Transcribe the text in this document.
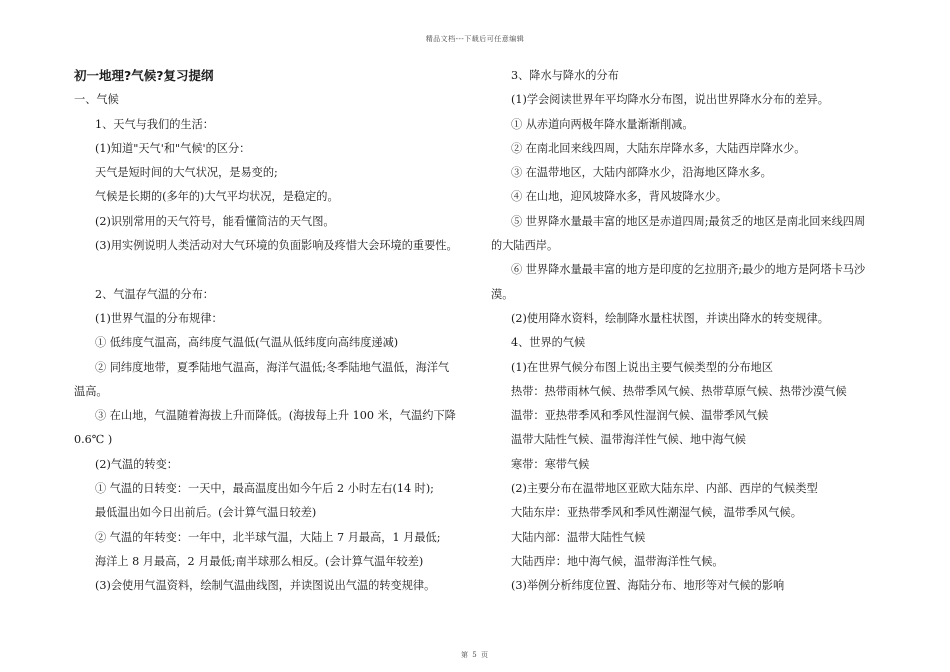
精品文档---下载后可任意编辑
初一地理?气候?复习提纲
一、气候
1、天气与我们的生活：
(1)知道"天气'和"气候'的区分：
天气是短时间的大气状况，是易变的;
气候是长期的(多年的)大气平均状况，是稳定的。
(2)识别常用的天气符号，能看懂简洁的天气图。
(3)用实例说明人类活动对大气环境的负面影响及疼惜大会环境的重要性。
2、气温存气温的分布：
(1)世界气温的分布规律：
① 低纬度气温高，高纬度气温低(气温从低纬度向高纬度递减)
② 同纬度地带，夏季陆地气温高，海洋气温低;冬季陆地气温低，海洋气
温高。
③ 在山地，气温随着海拔上升而降低。(海拔每上升 100 米，气温约下降
0.6℃ )
(2)气温的转变：
① 气温的日转变：一天中，最高温度出如今午后 2 小时左右(14 时);
最低温出如今日出前后。(会计算气温日较差)
② 气温的年转变：一年中，北半球气温，大陆上 7 月最高，1 月最低;
海洋上 8 月最高，2 月最低;南半球那么相反。(会计算气温年较差)
(3)会使用气温资料，绘制气温曲线图，并读图说出气温的转变规律。
3、降水与降水的分布
(1)学会阅读世界年平均降水分布图，说出世界降水分布的差异。
① 从赤道向两极年降水量渐渐削减。
② 在南北回来线四周，大陆东岸降水多，大陆西岸降水少。
③ 在温带地区，大陆内部降水少，沿海地区降水多。
④ 在山地，迎风坡降水多，背风坡降水少。
⑤ 世界降水量最丰富的地区是赤道四周;最贫乏的地区是南北回来线四周
的大陆西岸。
⑥ 世界降水量最丰富的地方是印度的乞拉朋齐;最少的地方是阿塔卡马沙
漠。
(2)使用降水资料，绘制降水量柱状图，并读出降水的转变规律。
4、世界的气候
(1)在世界气候分布图上说出主要气候类型的分布地区
热带：热带雨林气候、热带季风气候、热带草原气候、热带沙漠气候
温带：亚热带季风和季风性湿润气候、温带季风气候
温带大陆性气候、温带海洋性气候、地中海气候
寒带：寒带气候
(2)主要分布在温带地区亚欧大陆东岸、内部、西岸的气候类型
大陆东岸：亚热带季风和季风性潮湿气候，温带季风气候。
大陆内部：温带大陆性气候
大陆西岸：地中海气候，温带海洋性气候。
(3)举例分析纬度位置、海陆分布、地形等对气候的影响
第 5 页
